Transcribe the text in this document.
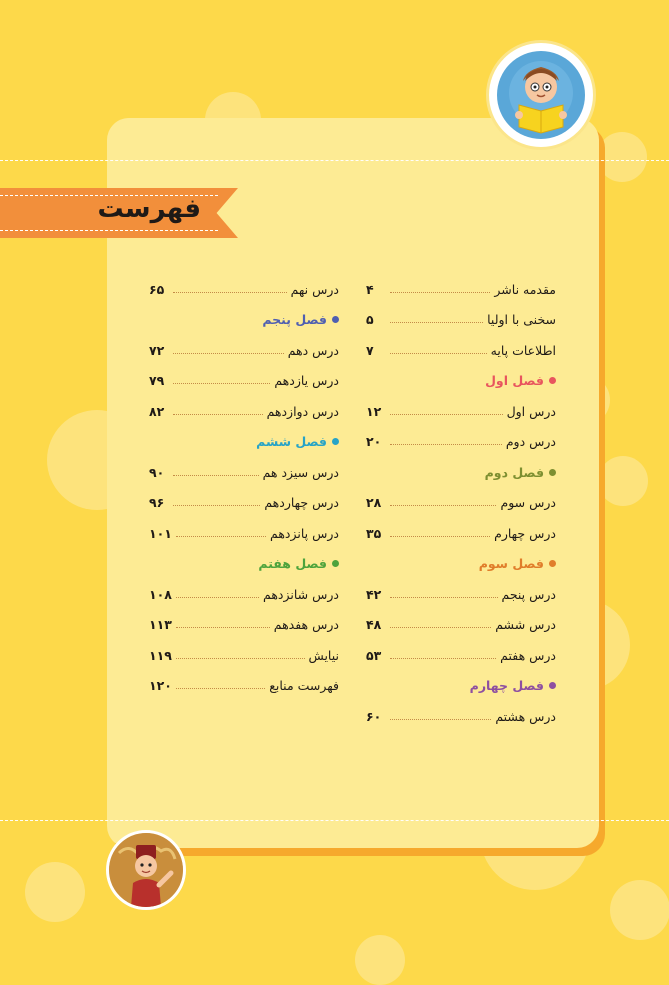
فهرست
مقدمه ناشر
۴
سخنی با اولیا
۵
اطلاعات پایه
۷
فصل اول
درس اول
۱۲
درس دوم
۲۰
فصل دوم
درس سوم
۲۸
درس چهارم
۳۵
فصل سوم
درس پنجم
۴۲
درس ششم
۴۸
درس هفتم
۵۳
فصل چهارم
درس هشتم
۶۰
درس نهم
۶۵
فصل پنجم
درس دهم
۷۲
درس یازدهم
۷۹
درس دوازدهم
۸۲
فصل ششم
درس سیزد هم
۹۰
درس چهاردهم
۹۶
درس پانزدهم
۱۰۱
فصل هفتم
درس شانزدهم
۱۰۸
درس هفدهم
۱۱۳
نیایش
۱۱۹
فهرست منابع
۱۲۰
